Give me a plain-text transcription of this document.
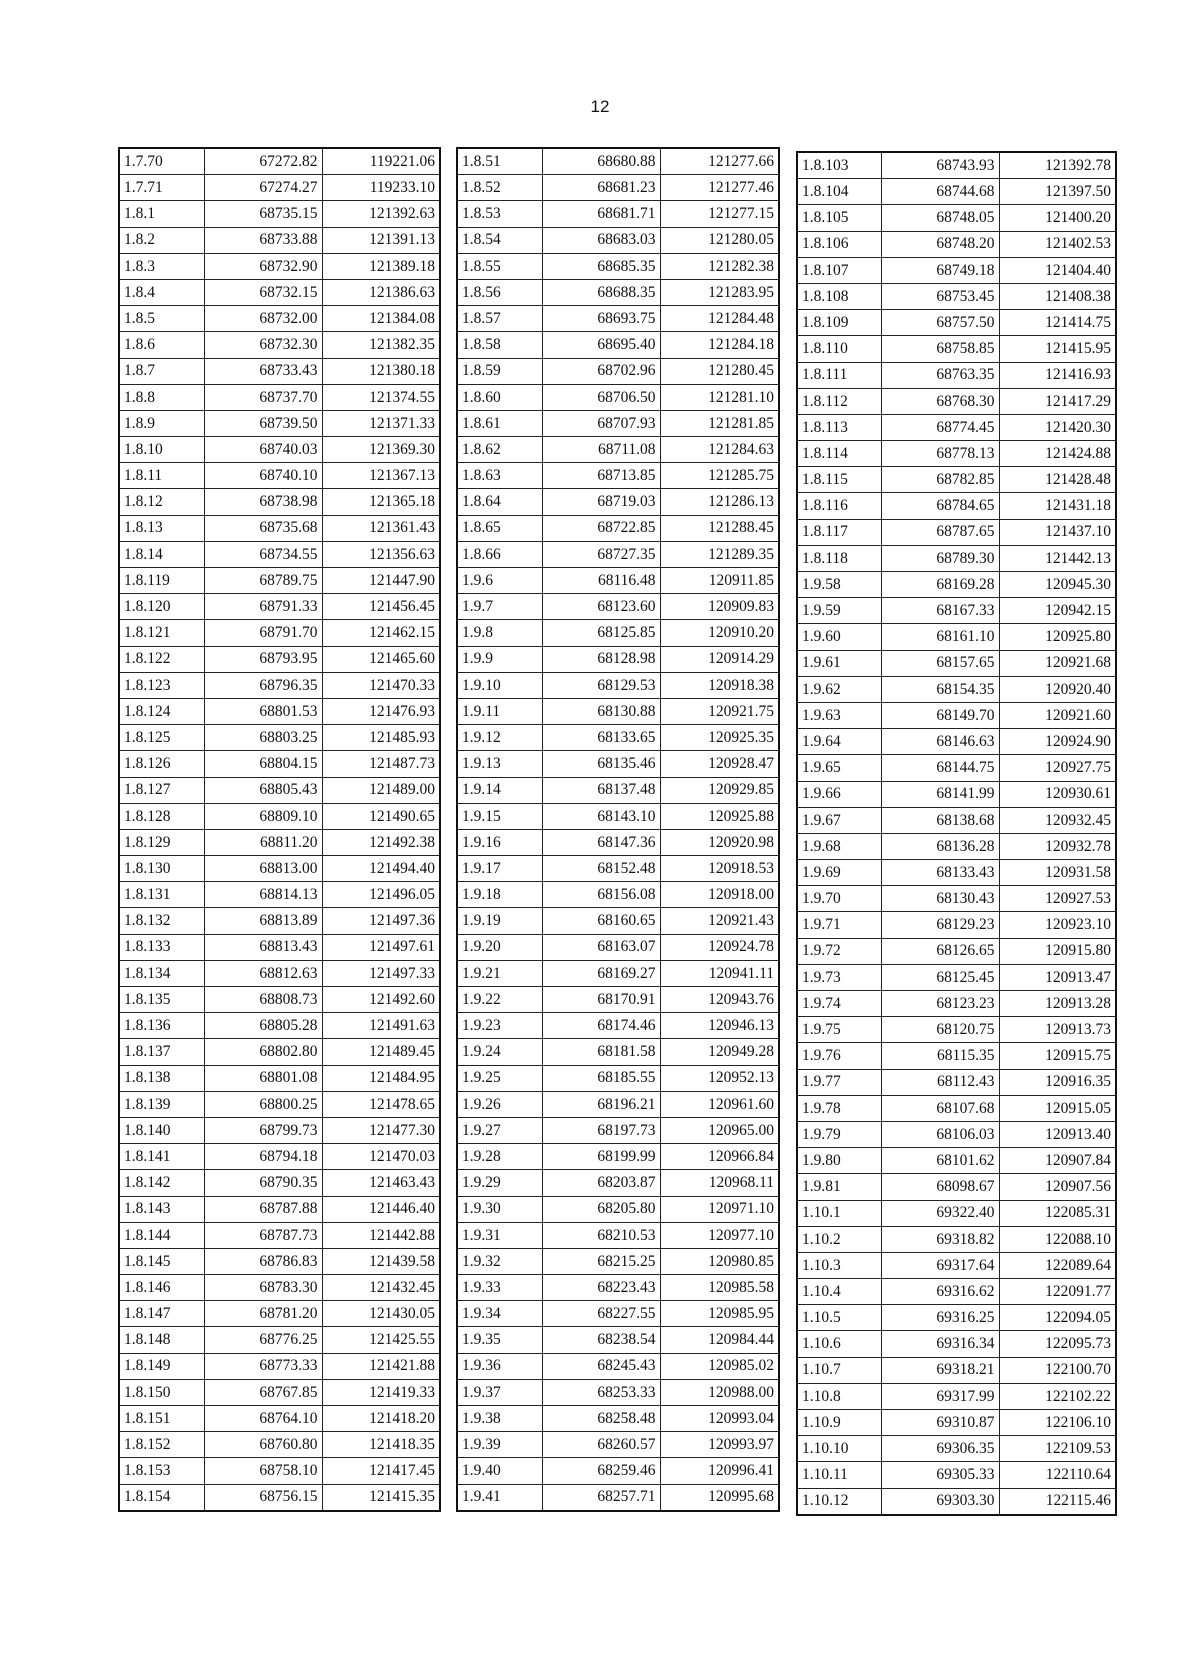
12
1.7.70	67272.82	119221.06
1.7.71	67274.27	119233.10
1.8.1	68735.15	121392.63
1.8.2	68733.88	121391.13
1.8.3	68732.90	121389.18
1.8.4	68732.15	121386.63
1.8.5	68732.00	121384.08
1.8.6	68732.30	121382.35
1.8.7	68733.43	121380.18
1.8.8	68737.70	121374.55
1.8.9	68739.50	121371.33
1.8.10	68740.03	121369.30
1.8.11	68740.10	121367.13
1.8.12	68738.98	121365.18
1.8.13	68735.68	121361.43
1.8.14	68734.55	121356.63
1.8.119	68789.75	121447.90
1.8.120	68791.33	121456.45
1.8.121	68791.70	121462.15
1.8.122	68793.95	121465.60
1.8.123	68796.35	121470.33
1.8.124	68801.53	121476.93
1.8.125	68803.25	121485.93
1.8.126	68804.15	121487.73
1.8.127	68805.43	121489.00
1.8.128	68809.10	121490.65
1.8.129	68811.20	121492.38
1.8.130	68813.00	121494.40
1.8.131	68814.13	121496.05
1.8.132	68813.89	121497.36
1.8.133	68813.43	121497.61
1.8.134	68812.63	121497.33
1.8.135	68808.73	121492.60
1.8.136	68805.28	121491.63
1.8.137	68802.80	121489.45
1.8.138	68801.08	121484.95
1.8.139	68800.25	121478.65
1.8.140	68799.73	121477.30
1.8.141	68794.18	121470.03
1.8.142	68790.35	121463.43
1.8.143	68787.88	121446.40
1.8.144	68787.73	121442.88
1.8.145	68786.83	121439.58
1.8.146	68783.30	121432.45
1.8.147	68781.20	121430.05
1.8.148	68776.25	121425.55
1.8.149	68773.33	121421.88
1.8.150	68767.85	121419.33
1.8.151	68764.10	121418.20
1.8.152	68760.80	121418.35
1.8.153	68758.10	121417.45
1.8.154	68756.15	121415.35
1.8.51	68680.88	121277.66
1.8.52	68681.23	121277.46
1.8.53	68681.71	121277.15
1.8.54	68683.03	121280.05
1.8.55	68685.35	121282.38
1.8.56	68688.35	121283.95
1.8.57	68693.75	121284.48
1.8.58	68695.40	121284.18
1.8.59	68702.96	121280.45
1.8.60	68706.50	121281.10
1.8.61	68707.93	121281.85
1.8.62	68711.08	121284.63
1.8.63	68713.85	121285.75
1.8.64	68719.03	121286.13
1.8.65	68722.85	121288.45
1.8.66	68727.35	121289.35
1.9.6	68116.48	120911.85
1.9.7	68123.60	120909.83
1.9.8	68125.85	120910.20
1.9.9	68128.98	120914.29
1.9.10	68129.53	120918.38
1.9.11	68130.88	120921.75
1.9.12	68133.65	120925.35
1.9.13	68135.46	120928.47
1.9.14	68137.48	120929.85
1.9.15	68143.10	120925.88
1.9.16	68147.36	120920.98
1.9.17	68152.48	120918.53
1.9.18	68156.08	120918.00
1.9.19	68160.65	120921.43
1.9.20	68163.07	120924.78
1.9.21	68169.27	120941.11
1.9.22	68170.91	120943.76
1.9.23	68174.46	120946.13
1.9.24	68181.58	120949.28
1.9.25	68185.55	120952.13
1.9.26	68196.21	120961.60
1.9.27	68197.73	120965.00
1.9.28	68199.99	120966.84
1.9.29	68203.87	120968.11
1.9.30	68205.80	120971.10
1.9.31	68210.53	120977.10
1.9.32	68215.25	120980.85
1.9.33	68223.43	120985.58
1.9.34	68227.55	120985.95
1.9.35	68238.54	120984.44
1.9.36	68245.43	120985.02
1.9.37	68253.33	120988.00
1.9.38	68258.48	120993.04
1.9.39	68260.57	120993.97
1.9.40	68259.46	120996.41
1.9.41	68257.71	120995.68
1.8.103	68743.93	121392.78
1.8.104	68744.68	121397.50
1.8.105	68748.05	121400.20
1.8.106	68748.20	121402.53
1.8.107	68749.18	121404.40
1.8.108	68753.45	121408.38
1.8.109	68757.50	121414.75
1.8.110	68758.85	121415.95
1.8.111	68763.35	121416.93
1.8.112	68768.30	121417.29
1.8.113	68774.45	121420.30
1.8.114	68778.13	121424.88
1.8.115	68782.85	121428.48
1.8.116	68784.65	121431.18
1.8.117	68787.65	121437.10
1.8.118	68789.30	121442.13
1.9.58	68169.28	120945.30
1.9.59	68167.33	120942.15
1.9.60	68161.10	120925.80
1.9.61	68157.65	120921.68
1.9.62	68154.35	120920.40
1.9.63	68149.70	120921.60
1.9.64	68146.63	120924.90
1.9.65	68144.75	120927.75
1.9.66	68141.99	120930.61
1.9.67	68138.68	120932.45
1.9.68	68136.28	120932.78
1.9.69	68133.43	120931.58
1.9.70	68130.43	120927.53
1.9.71	68129.23	120923.10
1.9.72	68126.65	120915.80
1.9.73	68125.45	120913.47
1.9.74	68123.23	120913.28
1.9.75	68120.75	120913.73
1.9.76	68115.35	120915.75
1.9.77	68112.43	120916.35
1.9.78	68107.68	120915.05
1.9.79	68106.03	120913.40
1.9.80	68101.62	120907.84
1.9.81	68098.67	120907.56
1.10.1	69322.40	122085.31
1.10.2	69318.82	122088.10
1.10.3	69317.64	122089.64
1.10.4	69316.62	122091.77
1.10.5	69316.25	122094.05
1.10.6	69316.34	122095.73
1.10.7	69318.21	122100.70
1.10.8	69317.99	122102.22
1.10.9	69310.87	122106.10
1.10.10	69306.35	122109.53
1.10.11	69305.33	122110.64
1.10.12	69303.30	122115.46
